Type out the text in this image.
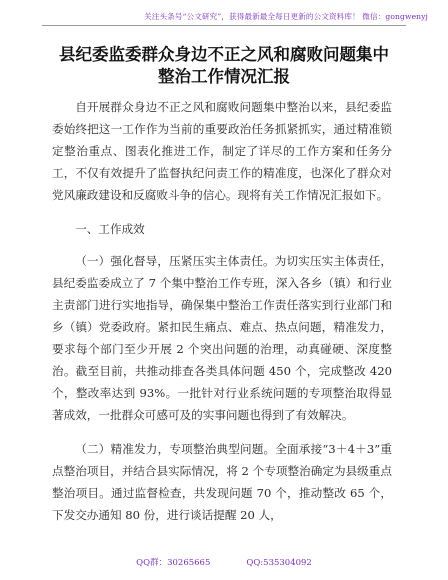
关注头条号“公文研究”，获得最新最全每日更新的公文资料库！ 微信：gongwenyj
县纪委监委群众身边不正之风和腐败问题集中
整治工作情况汇报

自开展群众身边不正之风和腐败问题集中整治以来，县纪委监委始终把这一工作作为当前的重要政治任务抓紧抓实，通过精准锁定整治重点、图表化推进工作，制定了详尽的工作方案和任务分工，不仅有效提升了监督执纪问责工作的精准度，也深化了群众对党风廉政建设和反腐败斗争的信心。现将有关工作情况汇报如下。

一、工作成效

（一）强化督导，压紧压实主体责任。为切实压实主体责任，县纪委监委成立了 7 个集中整治工作专班，深入各乡（镇）和行业主责部门进行实地指导，确保集中整治工作责任落实到行业部门和乡（镇）党委政府。紧扣民生痛点、难点、热点问题，精准发力，要求每个部门至少开展 2 个突出问题的治理，动真碰硬、深度整治。截至目前，共推动排查各类具体问题 450 个，完成整改 420 个，整改率达到 93%。一批针对行业系统问题的专项整治取得显著成效，一批群众可感可及的实事问题也得到了有效解决。

（二）精准发力，专项整治典型问题。全面承接“3＋4＋3”重点整治项目，并结合县实际情况，将 2 个专项整治确定为县级重点整治项目。通过监督检查，共发现问题 70 个，推动整改 65 个，下发交办通知 80 份，进行谈话提醒 20 人，

QQ群：30265665	QQ:535304092
